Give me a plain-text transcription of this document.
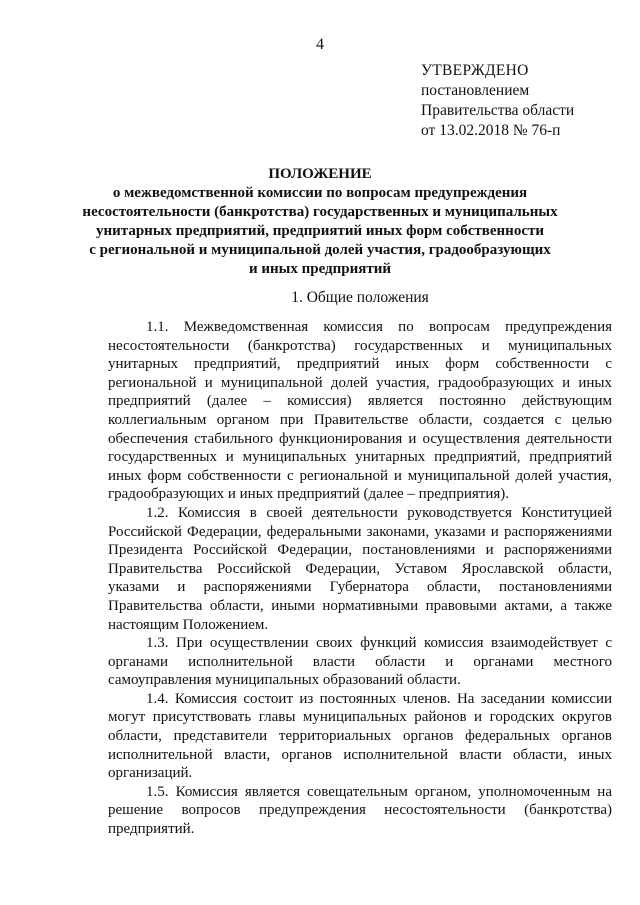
4
УТВЕРЖДЕНО
постановлением
Правительства области
от 13.02.2018 № 76-п
ПОЛОЖЕНИЕ
о межведомственной комиссии по вопросам предупреждения
несостоятельности (банкротства) государственных и муниципальных
унитарных предприятий, предприятий иных форм собственности
с региональной и муниципальной долей участия, градообразующих
и иных предприятий
1. Общие положения

1.1. Межведомственная комиссия по вопросам предупреждения несостоятельности (банкротства) государственных и муниципальных унитарных предприятий, предприятий иных форм собственности с региональной и муниципальной долей участия, градообразующих и иных предприятий (далее – комиссия) является постоянно действующим коллегиальным органом при Правительстве области, создается с целью обеспечения стабильного функционирования и осуществления деятельности государственных и муниципальных унитарных предприятий, предприятий иных форм собственности с региональной и муниципальной долей участия, градообразующих и иных предприятий (далее – предприятия).

1.2. Комиссия в своей деятельности руководствуется Конституцией Российской Федерации, федеральными законами, указами и распоряжениями Президента Российской Федерации, постановлениями и распоряжениями Правительства Российской Федерации, Уставом Ярославской области, указами и распоряжениями Губернатора области, постановлениями Правительства области, иными нормативными правовыми актами, а также настоящим Положением.

1.3. При осуществлении своих функций комиссия взаимодействует с органами исполнительной власти области и органами местного самоуправления муниципальных образований области.

1.4. Комиссия состоит из постоянных членов. На заседании комиссии могут присутствовать главы муниципальных районов и городских округов области, представители территориальных органов федеральных органов исполнительной власти, органов исполнительной власти области, иных организаций.

1.5. Комиссия является совещательным органом, уполномоченным на решение вопросов предупреждения несостоятельности (банкротства) предприятий.
